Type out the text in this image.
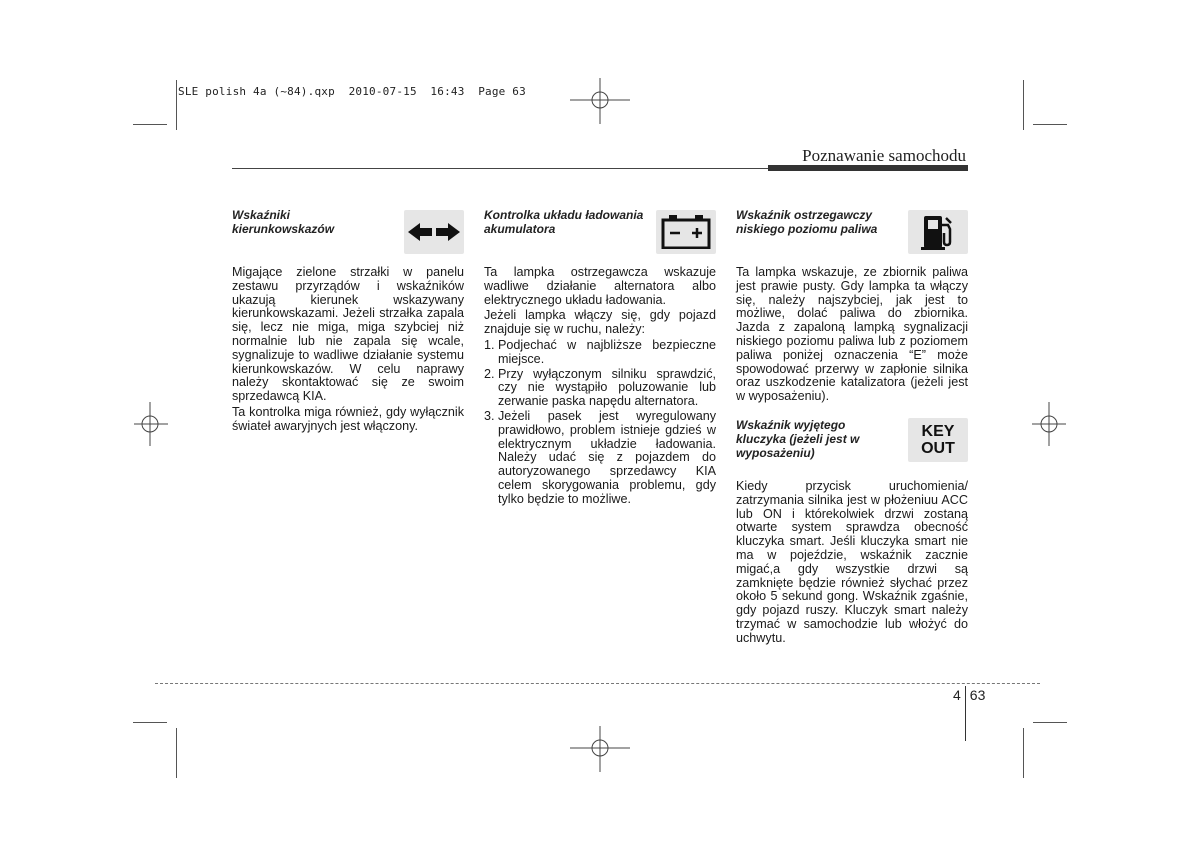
SLE polish 4a (~84).qxp  2010-07-15  16:43  Page 63
Poznawanie samochodu
Wskaźniki kierunkowskazów

Migające zielone strzałki w panelu zestawu przyrządów i wskaźników ukazują kierunek wskazywany kierunkowskazami. Jeżeli strzałka zapala się, lecz nie miga, miga szybciej niż normalnie lub nie zapala się wcale, sygnalizuje to wadliwe działanie systemu kierunkowskazów. W celu naprawy należy skontaktować się ze swoim sprzedawcą KIA.

Ta kontrolka miga również, gdy wyłącznik świateł awaryjnych jest włączony.

Kontrolka układu ładowania akumulatora

Ta lampka ostrzegawcza wskazuje wadliwe działanie alternatora albo elektrycznego układu ładowania.

Jeżeli lampka włączy się, gdy pojazd znajduje się w ruchu, należy:

1. Podjechać w najbliższe bezpieczne miejsce.
2. Przy wyłączonym silniku sprawdzić, czy nie wystąpiło poluzowanie lub zerwanie paska napędu alternatora.
3. Jeżeli pasek jest wyregulowany prawidłowo, problem istnieje gdzieś w elektrycznym układzie ładowania. Należy udać się z pojazdem do autoryzowanego sprzedawcy KIA celem skorygowania problemu, gdy tylko będzie to możliwe.
Wskaźnik ostrzegawczy niskiego poziomu paliwa

Ta lampka wskazuje, ze zbiornik paliwa jest prawie pusty. Gdy lampka ta włączy się, należy najszybciej, jak jest to możliwe, dolać paliwa do zbiornika. Jazda z zapaloną lampką sygnalizacji niskiego poziomu paliwa lub z poziomem paliwa poniżej oznaczenia “E” może spowodować przerwy w zapłonie silnika oraz uszkodzenie katalizatora (jeżeli jest w wyposażeniu).

Wskaźnik wyjętego kluczyka (jeżeli jest w wyposażeniu)
KEY
OUT

Kiedy przycisk uruchomienia/ zatrzymania silnika jest w płożeniuu ACC lub ON i którekolwiek drzwi zostaną otwarte system sprawdza obecność kluczyka smart. Jeśli kluczyka smart nie ma w pojeździe, wskaźnik zacznie migać,a gdy wszystkie drzwi są zamknięte będzie również słychać przez około 5 sekund gong. Wskaźnik zgaśnie, gdy pojazd ruszy. Kluczyk smart należy trzymać w samochodzie lub włożyć do uchwytu.

4 63
